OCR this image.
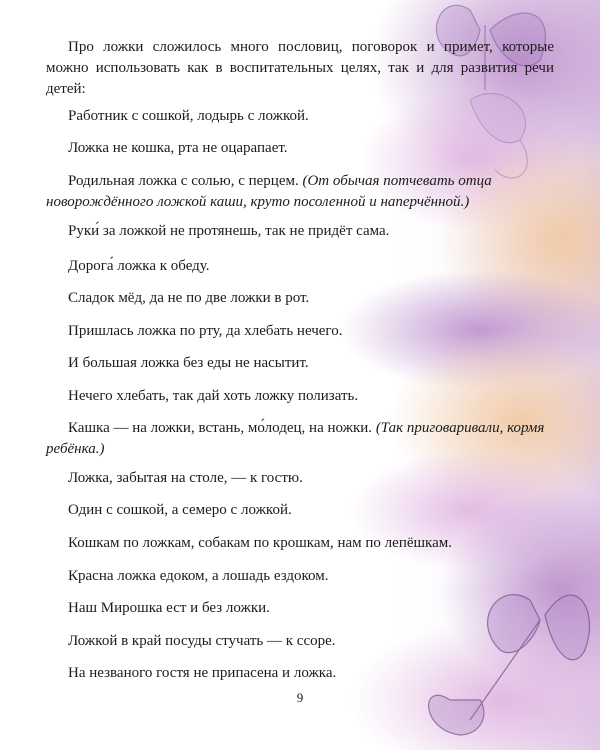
Про ложки сложилось много пословиц, поговорок и примет, которые можно использовать как в воспитательных целях, так и для развития речи детей:

Работник с сошкой, лодырь с ложкой.

Ложка не кошка, рта не оцарапает.

Родильная ложка с солью, с перцем. (От обычая потчевать отца новорождённого ложкой каши, круто посоленной и наперчённой.)

Руки́ за ложкой не протянешь, так не придёт сама.

Дорога́ ложка к обеду.

Сладок мёд, да не по две ложки в рот.

Пришлась ложка по рту, да хлебать нечего.

И большая ложка без еды не насытит.

Нечего хлебать, так дай хоть ложку полизать.

Кашка — на ложки, встань, мо́лодец, на ножки. (Так приговаривали, кормя ребёнка.)

Ложка, забытая на столе, — к гостю.

Один с сошкой, а семеро с ложкой.

Кошкам по ложкам, собакам по крошкам, нам по лепёшкам.

Красна ложка едоком, а лошадь ездоком.

Наш Мирошка ест и без ложки.

Ложкой в край посуды стучать — к ссоре.

На незваного гостя не припасена и ложка.

9
